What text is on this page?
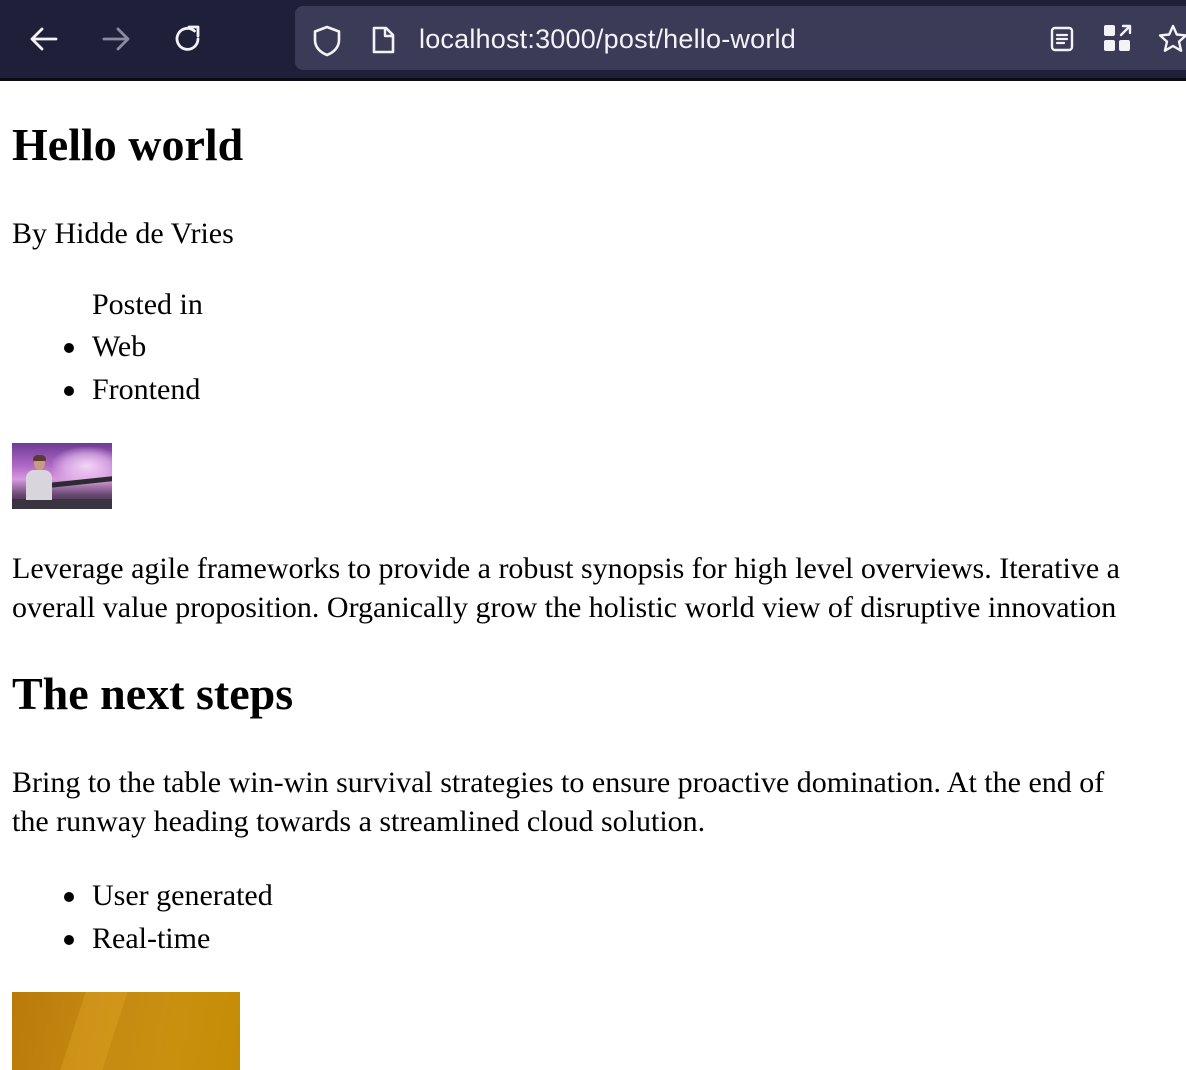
localhost:3000/post/hello-world
Hello world

By Hidde de Vries

Posted in
Web
Frontend

Leverage agile frameworks to provide a robust synopsis for high level overviews. Iterative a

overall value proposition. Organically grow the holistic world view of disruptive innovation

The next steps

Bring to the table win-win survival strategies to ensure proactive domination. At the end of

the runway heading towards a streamlined cloud solution.

User generated
Real-time
